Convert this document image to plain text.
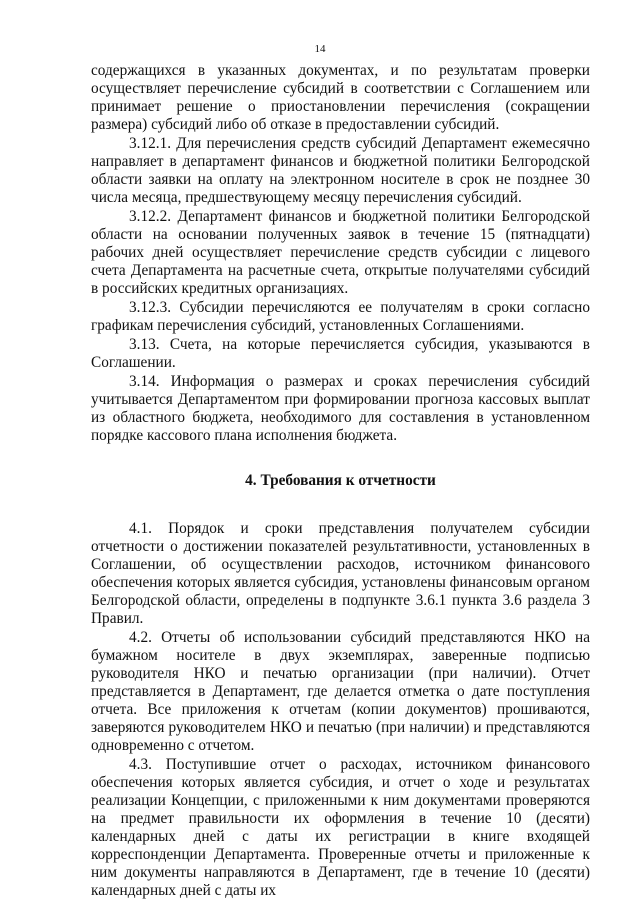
14

содержащихся в указанных документах, и по результатам проверки осуществляет перечисление субсидий в соответствии с Соглашением или принимает решение о приостановлении перечисления (сокращении размера) субсидий либо об отказе в предоставлении субсидий.

3.12.1. Для перечисления средств субсидий Департамент ежемесячно направляет в департамент финансов и бюджетной политики Белгородской области заявки на оплату на электронном носителе в срок не позднее 30 числа месяца, предшествующему месяцу перечисления субсидий.

3.12.2. Департамент финансов и бюджетной политики Белгородской области на основании полученных заявок в течение 15 (пятнадцати) рабочих дней осуществляет перечисление средств субсидии с лицевого счета Департамента на расчетные счета, открытые получателями субсидий в российских кредитных организациях.

3.12.3. Субсидии перечисляются ее получателям в сроки согласно графикам перечисления субсидий, установленных Соглашениями.

3.13. Счета, на которые перечисляется субсидия, указываются в Соглашении.

3.14. Информация о размерах и сроках перечисления субсидий учитывается Департаментом при формировании прогноза кассовых выплат из областного бюджета, необходимого для составления в установленном порядке кассового плана исполнения бюджета.

4. Требования к отчетности

4.1. Порядок и сроки представления получателем субсидии отчетности о достижении показателей результативности, установленных в Соглашении, об осуществлении расходов, источником финансового обеспечения которых является субсидия, установлены финансовым органом Белгородской области, определены в подпункте 3.6.1 пункта 3.6 раздела 3 Правил.

4.2. Отчеты об использовании субсидий представляются НКО на бумажном носителе в двух экземплярах, заверенные подписью руководителя НКО и печатью организации (при наличии). Отчет представляется в Департамент, где делается отметка о дате поступления отчета. Все приложения к отчетам (копии документов) прошиваются, заверяются руководителем НКО и печатью (при наличии) и представляются одновременно с отчетом.

4.3. Поступившие отчет о расходах, источником финансового обеспечения которых является субсидия, и отчет о ходе и результатах реализации Концепции, с приложенными к ним документами проверяются на предмет правильности их оформления в течение 10 (десяти) календарных дней с даты их регистрации в книге входящей корреспонденции Департамента. Проверенные отчеты и приложенные к ним документы направляются в Департамент, где в течение 10 (десяти) календарных дней с даты их
